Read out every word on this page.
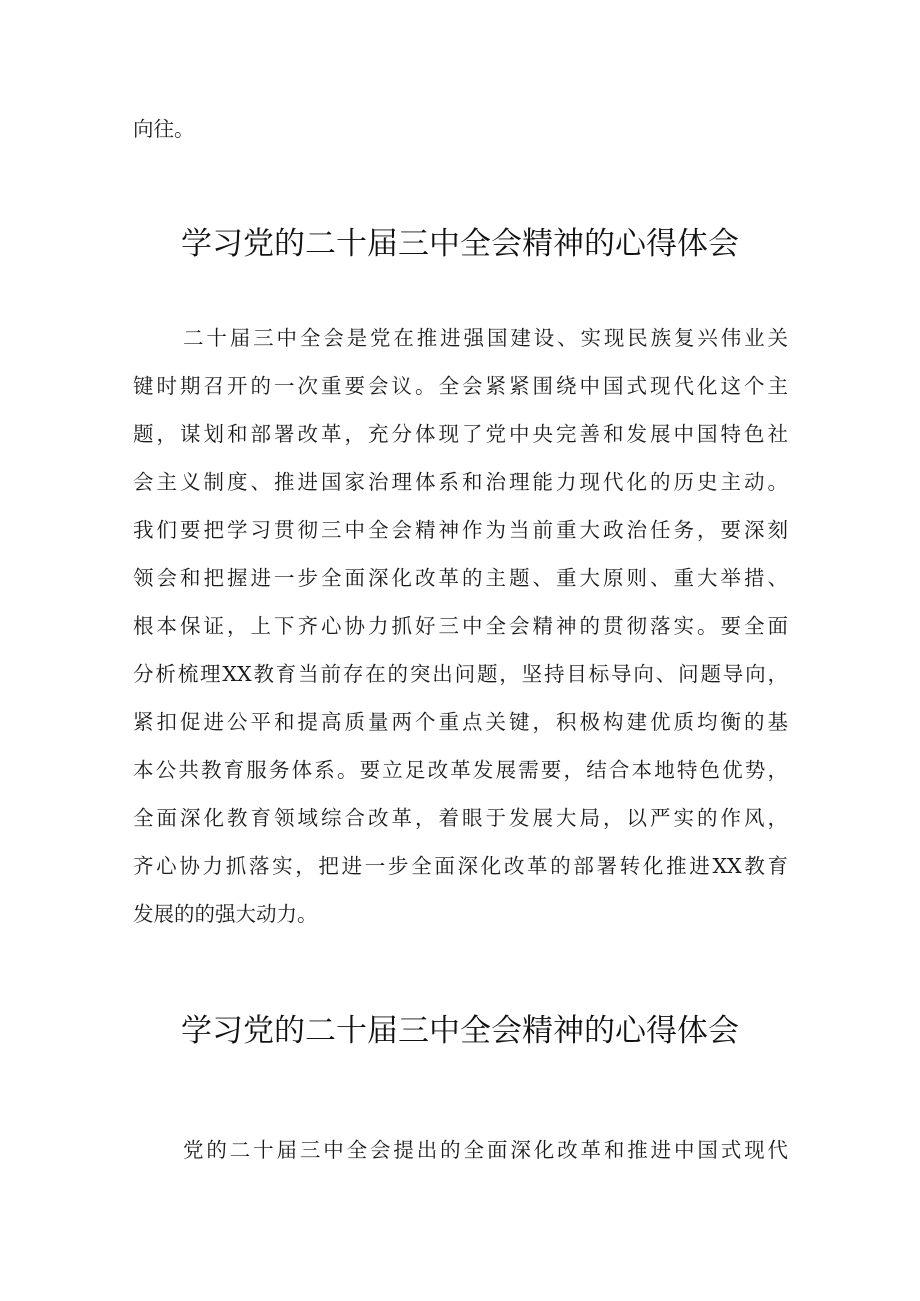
向往。
学习党的二十届三中全会精神的心得体会
二十届三中全会是党在推进强国建设、实现民族复兴伟业关
键时期召开的一次重要会议。全会紧紧围绕中国式现代化这个主
题，谋划和部署改革，充分体现了党中央完善和发展中国特色社
会主义制度、推进国家治理体系和治理能力现代化的历史主动。
我们要把学习贯彻三中全会精神作为当前重大政治任务，要深刻
领会和把握进一步全面深化改革的主题、重大原则、重大举措、
根本保证，上下齐心协力抓好三中全会精神的贯彻落实。要全面
分析梳理XX教育当前存在的突出问题，坚持目标导向、问题导向，
紧扣促进公平和提高质量两个重点关键，积极构建优质均衡的基
本公共教育服务体系。要立足改革发展需要，结合本地特色优势，
全面深化教育领域综合改革，着眼于发展大局，以严实的作风，
齐心协力抓落实，把进一步全面深化改革的部署转化推进XX教育
发展的的强大动力。
学习党的二十届三中全会精神的心得体会
党的二十届三中全会提出的全面深化改革和推进中国式现代
